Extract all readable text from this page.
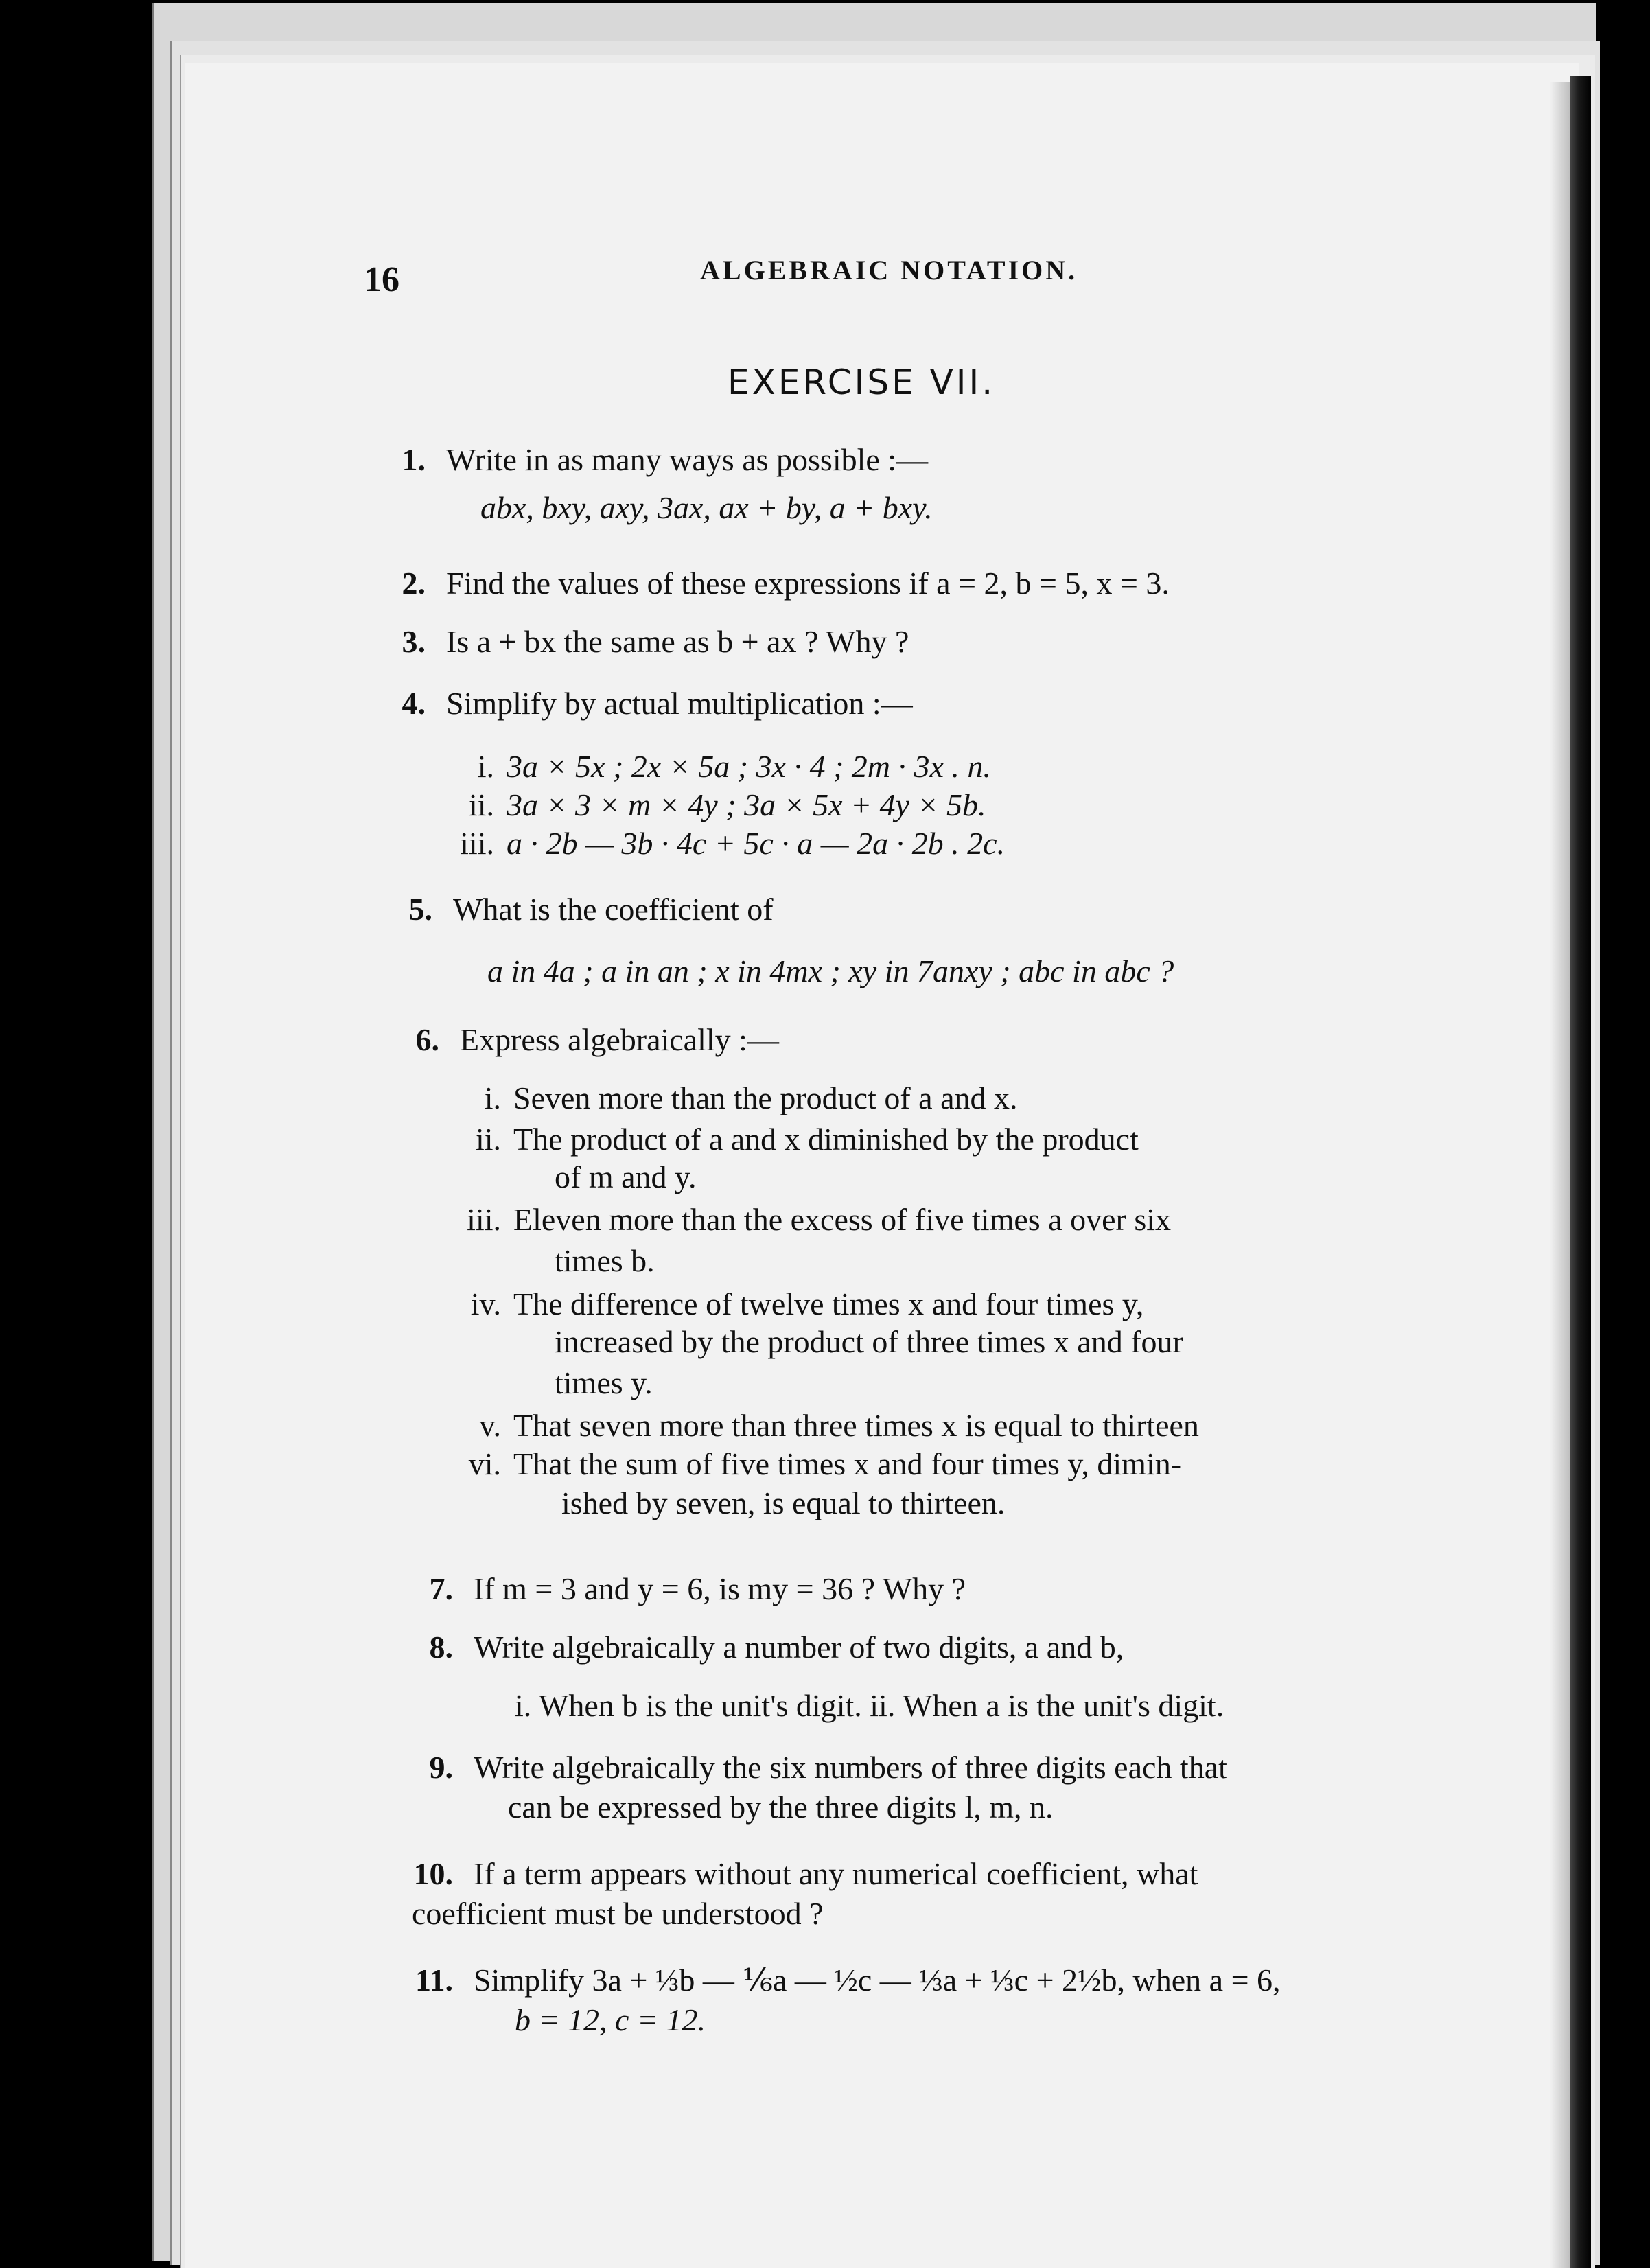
16	ALGEBRAIC NOTATION.
EXERCISE VII.
1. Write in as many ways as possible :—
abx, bxy, axy, 3ax, ax + by, a + bxy.
2. Find the values of these expressions if a = 2, b = 5, x = 3.
3. Is a + bx the same as b + ax ? Why ?
4. Simplify by actual multiplication :—
i. 3a × 5x ; 2x × 5a ; 3x · 4 ; 2m · 3x . n.
ii. 3a × 3 × m × 4y ; 3a × 5x + 4y × 5b.
iii. a · 2b — 3b · 4c + 5c · a — 2a · 2b . 2c.
5. What is the coefficient of
a in 4a ; a in an ; x in 4mx ; xy in 7anxy ; abc in abc ?
6. Express algebraically :—
i. Seven more than the product of a and x.
ii. The product of a and x diminished by the product
of m and y.
iii. Eleven more than the excess of five times a over six
times b.
iv. The difference of twelve times x and four times y,
increased by the product of three times x and four
times y.
v. That seven more than three times x is equal to thirteen
vi. That the sum of five times x and four times y, dimin-
ished by seven, is equal to thirteen.
7. If m = 3 and y = 6, is my = 36 ? Why ?
8. Write algebraically a number of two digits, a and b,
i. When b is the unit's digit. ii. When a is the unit's digit.
9. Write algebraically the six numbers of three digits each that
can be expressed by the three digits l, m, n.
10. If a term appears without any numerical coefficient, what
coefficient must be understood ?
11. Simplify 3a + ⅓b — ⅙a — ½c — ⅓a + ⅓c + 2½b, when a = 6,
b = 12, c = 12.
